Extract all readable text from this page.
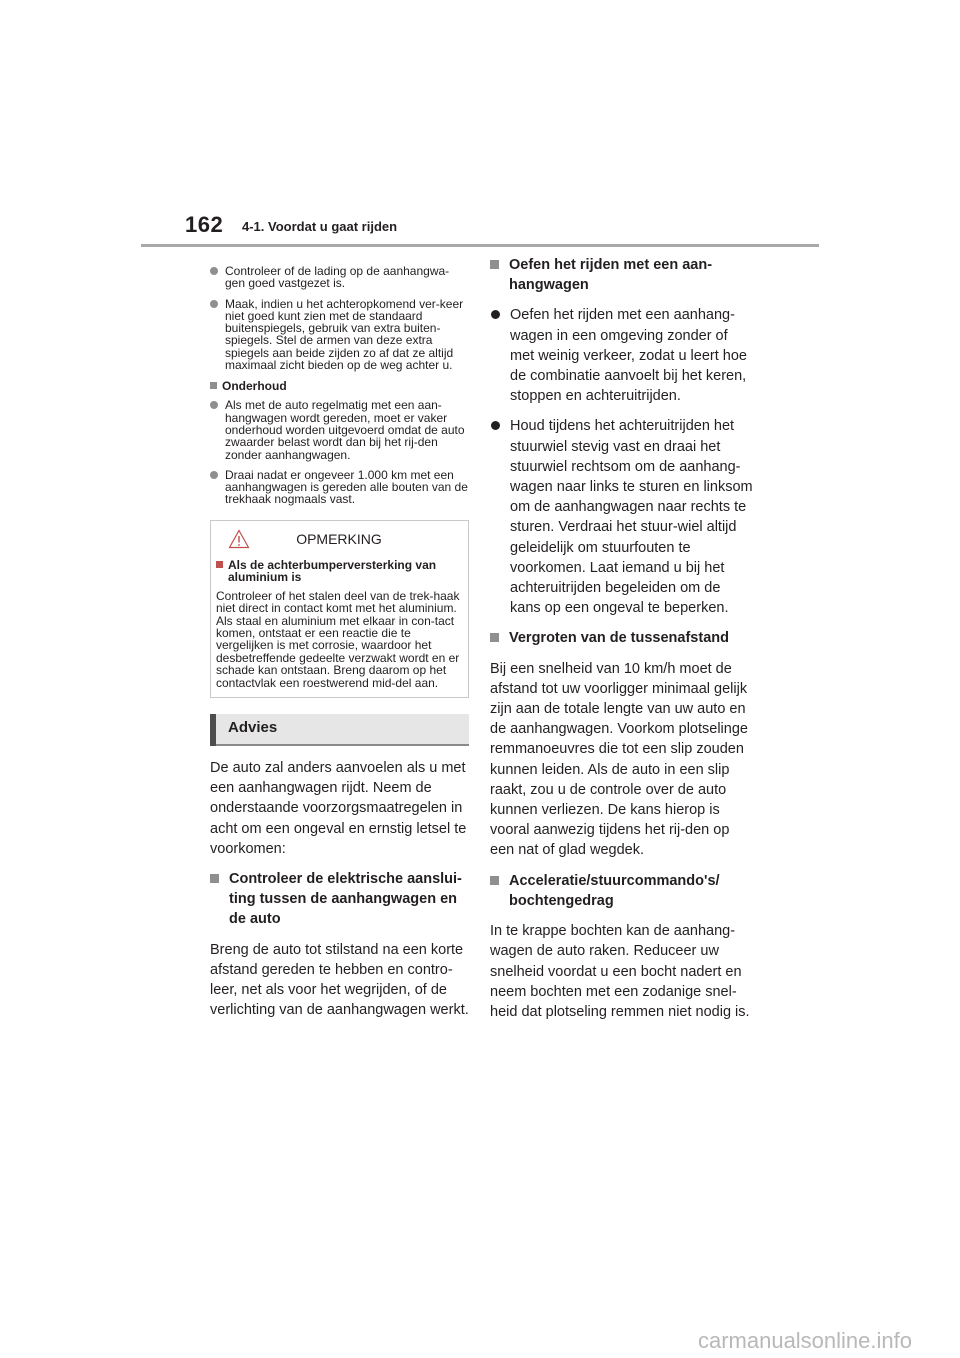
162 4-1. Voordat u gaat rijden
Controleer of de lading op de aanhangwa-gen goed vastgezet is.
Maak, indien u het achteropkomend ver-keer niet goed kunt zien met de standaard buitenspiegels, gebruik van extra buiten-spiegels. Stel de armen van deze extra spiegels aan beide zijden zo af dat ze altijd maximaal zicht bieden op de weg achter u.
Onderhoud
Als met de auto regelmatig met een aan-hangwagen wordt gereden, moet er vaker onderhoud worden uitgevoerd omdat de auto zwaarder belast wordt dan bij het rij-den zonder aanhangwagen.
Draai nadat er ongeveer 1.000 km met een aanhangwagen is gereden alle bouten van de trekhaak nogmaals vast.
OPMERKING
Als de achterbumperversterking van aluminium is

Controleer of het stalen deel van de trek-haak niet direct in contact komt met het aluminium.

Als staal en aluminium met elkaar in con-tact komen, ontstaat er een reactie die te vergelijken is met corrosie, waardoor het desbetreffende gedeelte verzwakt wordt en er schade kan ontstaan. Breng daarom op het contactvlak een roestwerend mid-del aan.

Advies

De auto zal anders aanvoelen als u met een aanhangwagen rijdt. Neem de onderstaande voorzorgsmaatregelen in acht om een ongeval en ernstig letsel te voorkomen:

Controleer de elektrische aanslui-ting tussen de aanhangwagen en de auto

Breng de auto tot stilstand na een korte afstand gereden te hebben en contro-leer, net als voor het wegrijden, of de verlichting van de aanhangwagen werkt.

Oefen het rijden met een aan-hangwagen
Oefen het rijden met een aanhang-wagen in een omgeving zonder of met weinig verkeer, zodat u leert hoe de combinatie aanvoelt bij het keren, stoppen en achteruitrijden.
Houd tijdens het achteruitrijden het stuurwiel stevig vast en draai het stuurwiel rechtsom om de aanhang-wagen naar links te sturen en linksom om de aanhangwagen naar rechts te sturen. Verdraai het stuur-wiel altijd geleidelijk om stuurfouten te voorkomen. Laat iemand u bij het achteruitrijden begeleiden om de kans op een ongeval te beperken.
Vergroten van de tussenafstand

Bij een snelheid van 10 km/h moet de afstand tot uw voorligger minimaal gelijk zijn aan de totale lengte van uw auto en de aanhangwagen. Voorkom plotselinge remmanoeuvres die tot een slip zouden kunnen leiden. Als de auto in een slip raakt, zou u de controle over de auto kunnen verliezen. De kans hierop is vooral aanwezig tijdens het rij-den op een nat of glad wegdek.

Acceleratie/stuurcommando's/ bochtengedrag

In te krappe bochten kan de aanhang-wagen de auto raken. Reduceer uw snelheid voordat u een bocht nadert en neem bochten met een zodanige snel-heid dat plotseling remmen niet nodig is.

carmanualsonline.info
